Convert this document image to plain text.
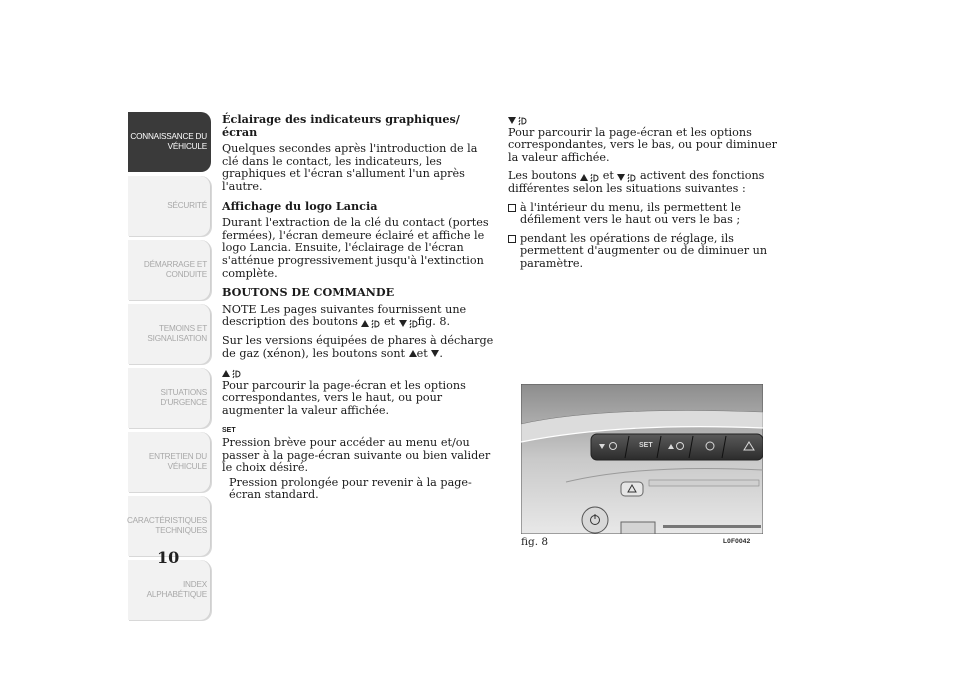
CONNAISSANCE DU
VÉHICULE
SÉCURITÉ
DÉMARRAGE ET
CONDUITE
TEMOINS ET
SIGNALISATION
SITUATIONS
D'URGENCE
ENTRETIEN DU
VÉHICULE
CARACTÉRISTIQUES
TECHNIQUES
INDEX
ALPHABÉTIQUE
10
Éclairage des indicateurs graphiques/écran

Quelques secondes après l'introduction de la clé dans le contact, les indicateurs, les graphiques et l'écran s'allument l'un après l'autre.

Affichage du logo Lancia

Durant l'extraction de la clé du contact (portes fermées), l'écran demeure éclairé et affiche le logo Lancia. Ensuite, l'éclairage de l'écran s'atténue progressivement jusqu'à l'extinction complète.

BOUTONS DE COMMANDE

NOTE Les pages suivantes fournissent une description des boutons et fig. 8.

Sur les versions équipées de phares à décharge de gaz (xénon), les boutons sont et .

Pour parcourir la page-écran et les options correspondantes, vers le haut, ou pour augmenter la valeur affichée.

SET

Pression brève pour accéder au menu et/ou passer à la page-écran suivante ou bien valider le choix désiré.

Pression prolongée pour revenir à la page-écran standard.

Pour parcourir la page-écran et les options correspondantes, vers le bas, ou pour diminuer la valeur affichée.

Les boutons et activent des fonctions différentes selon les situations suivantes :

à l'intérieur du menu, ils permettent le défilement vers le haut ou vers le bas ;
pendant les opérations de réglage, ils permettent d'augmenter ou de diminuer un paramètre.
SET
fig. 8	L0F0042
